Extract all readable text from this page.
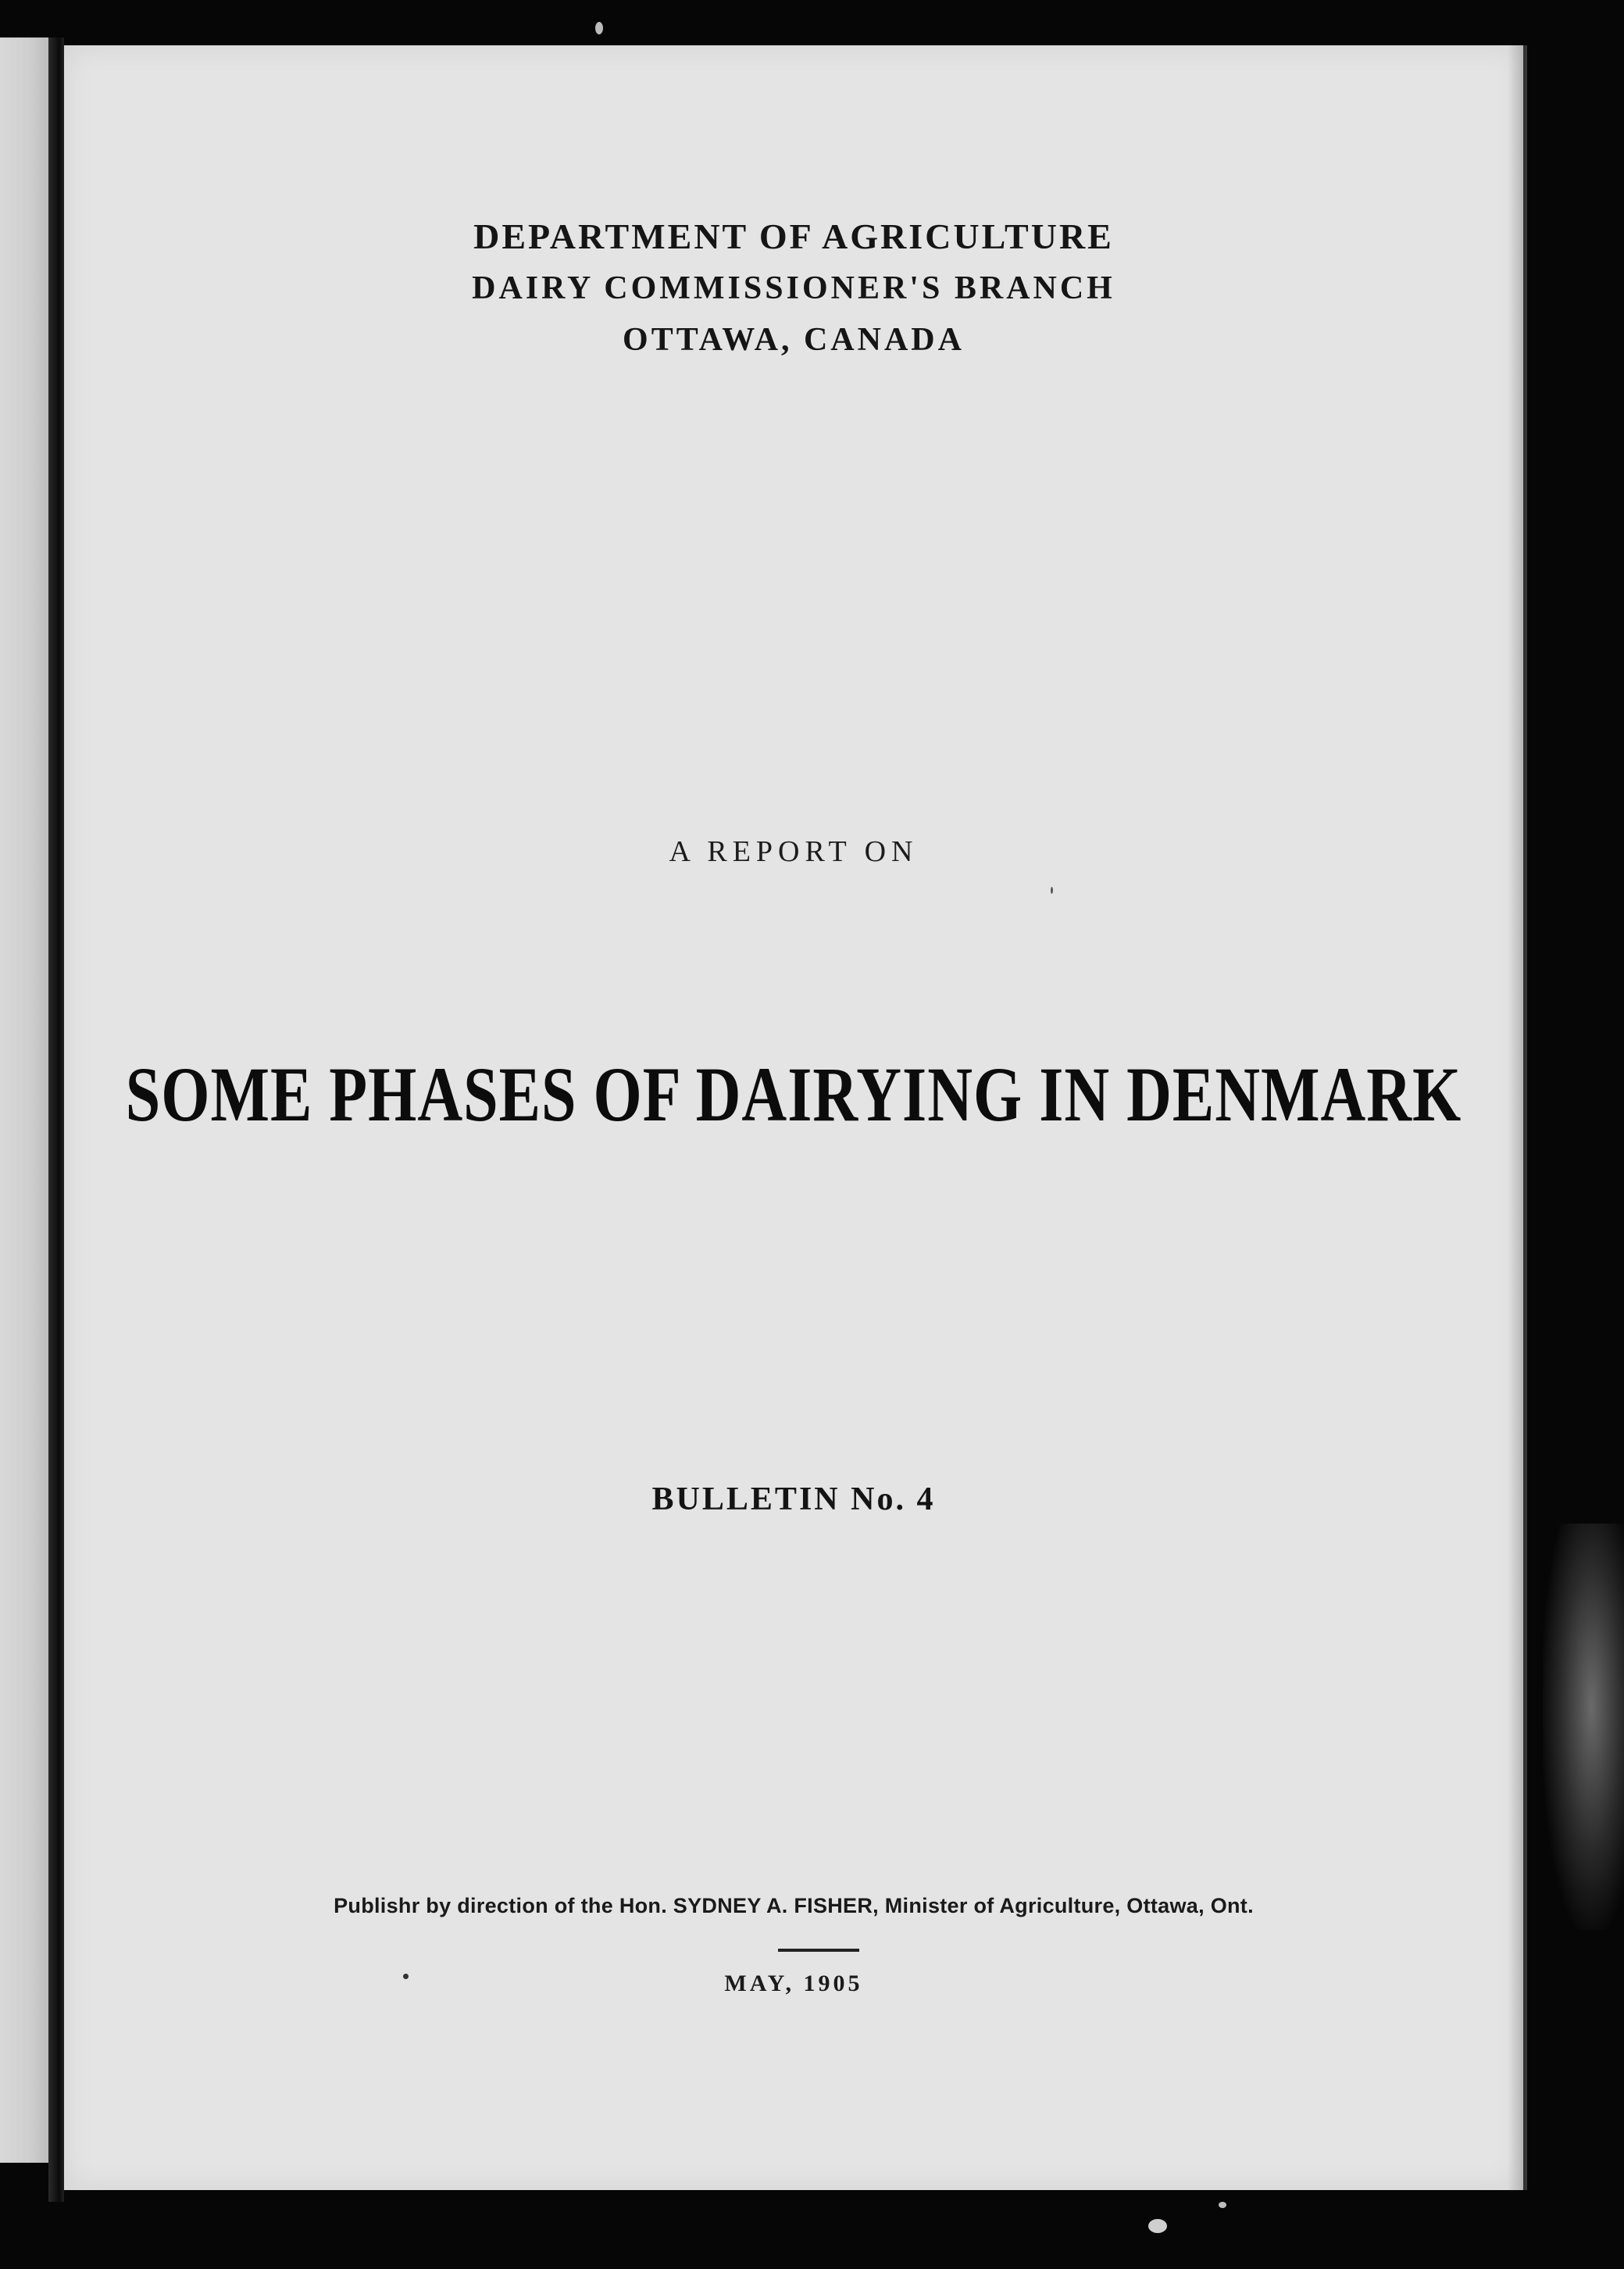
DEPARTMENT OF AGRICULTURE
DAIRY COMMISSIONER'S BRANCH
OTTAWA, CANADA
A REPORT ON
SOME PHASES OF DAIRYING IN DENMARK
BULLETIN No. 4
Publishr by direction of the Hon. SYDNEY A. FISHER, Minister of Agriculture, Ottawa, Ont.
MAY, 1905
